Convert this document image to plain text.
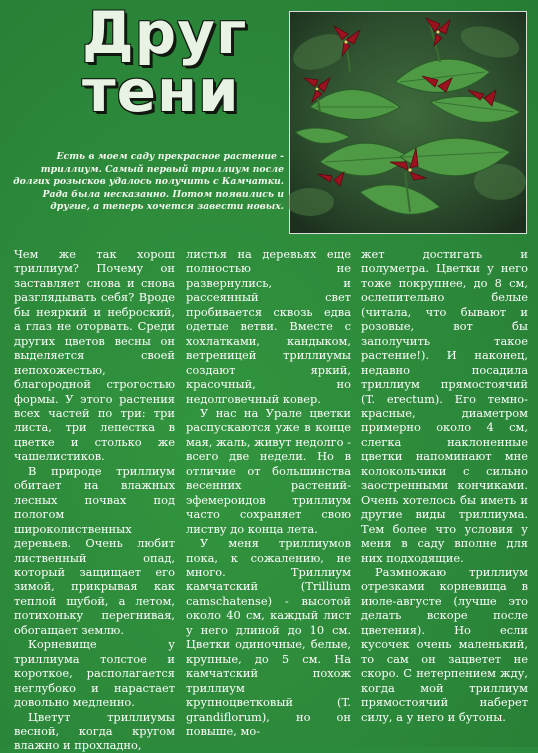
Друг
тени
Есть в моем саду прекрасное растение - триллиум. Самый первый триллиум после долгих розысков удалось получить с Камчатки. Рада была несказанно. Потом появились и другие, а теперь хочется завести новых.

Чем же так хорош триллиум? Почему он заставляет снова и снова разглядывать себя? Вроде бы неяркий и неброский, а глаз не оторвать. Среди других цветов весны он выделяется своей непохожестью, благородной строгостью формы. У этого растения всех частей по три: три листа, три лепестка в цветке и столько же чашелистиков.

В природе триллиум обитает на влажных лесных почвах под пологом широколиственных деревьев. Очень любит лиственный опад, который защищает его зимой, прикрывая как теплой шубой, а летом, потихоньку перегнивая, обогащает землю.

Корневище у триллиума толстое и короткое, располагается неглубоко и нарастает довольно медленно.

Цветут триллиумы весной, когда кругом влажно и прохладно,

листья на деревьях еще полностью не развернулись, и рассеянный свет пробивается сквозь едва одетые ветви. Вместе с хохлатками, кандыком, ветреницей триллиумы создают яркий, красочный, но недолговечный ковер.

У нас на Урале цветки распускаются уже в конце мая, жаль, живут недолго - всего две недели. Но в отличие от большинства весенних растений-эфемероидов триллиум часто сохраняет свою листву до конца лета.

У меня триллиумов пока, к сожалению, не много. Триллиум камчатский (Trillium camschatense) - высотой около 40 см, каждый лист у него длиной до 10 см. Цветки одиночные, белые, крупные, до 5 см. На камчатский похож триллиум крупноцветковый (T. grandiflorum), но он повыше, мо-

жет достигать и полуметра. Цветки у него тоже покрупнее, до 8 см, ослепительно белые (читала, что бывают и розовые, вот бы заполучить такое растение!). И наконец, недавно посадила триллиум прямостоячий (T. erectum). Его темно-красные, диаметром примерно около 4 см, слегка наклоненные цветки напоминают мне колокольчики с сильно заостренными кончиками. Очень хотелось бы иметь и другие виды триллиума. Тем более что условия у меня в саду вполне для них подходящие.

Размножаю триллиум отрезками корневища в июле-августе (лучше это делать вскоре после цветения). Но если кусочек очень маленький, то сам он зацветет не скоро. С нетерпением жду, когда мой триллиум прямостоячий наберет силу, а у него и бутоны.
